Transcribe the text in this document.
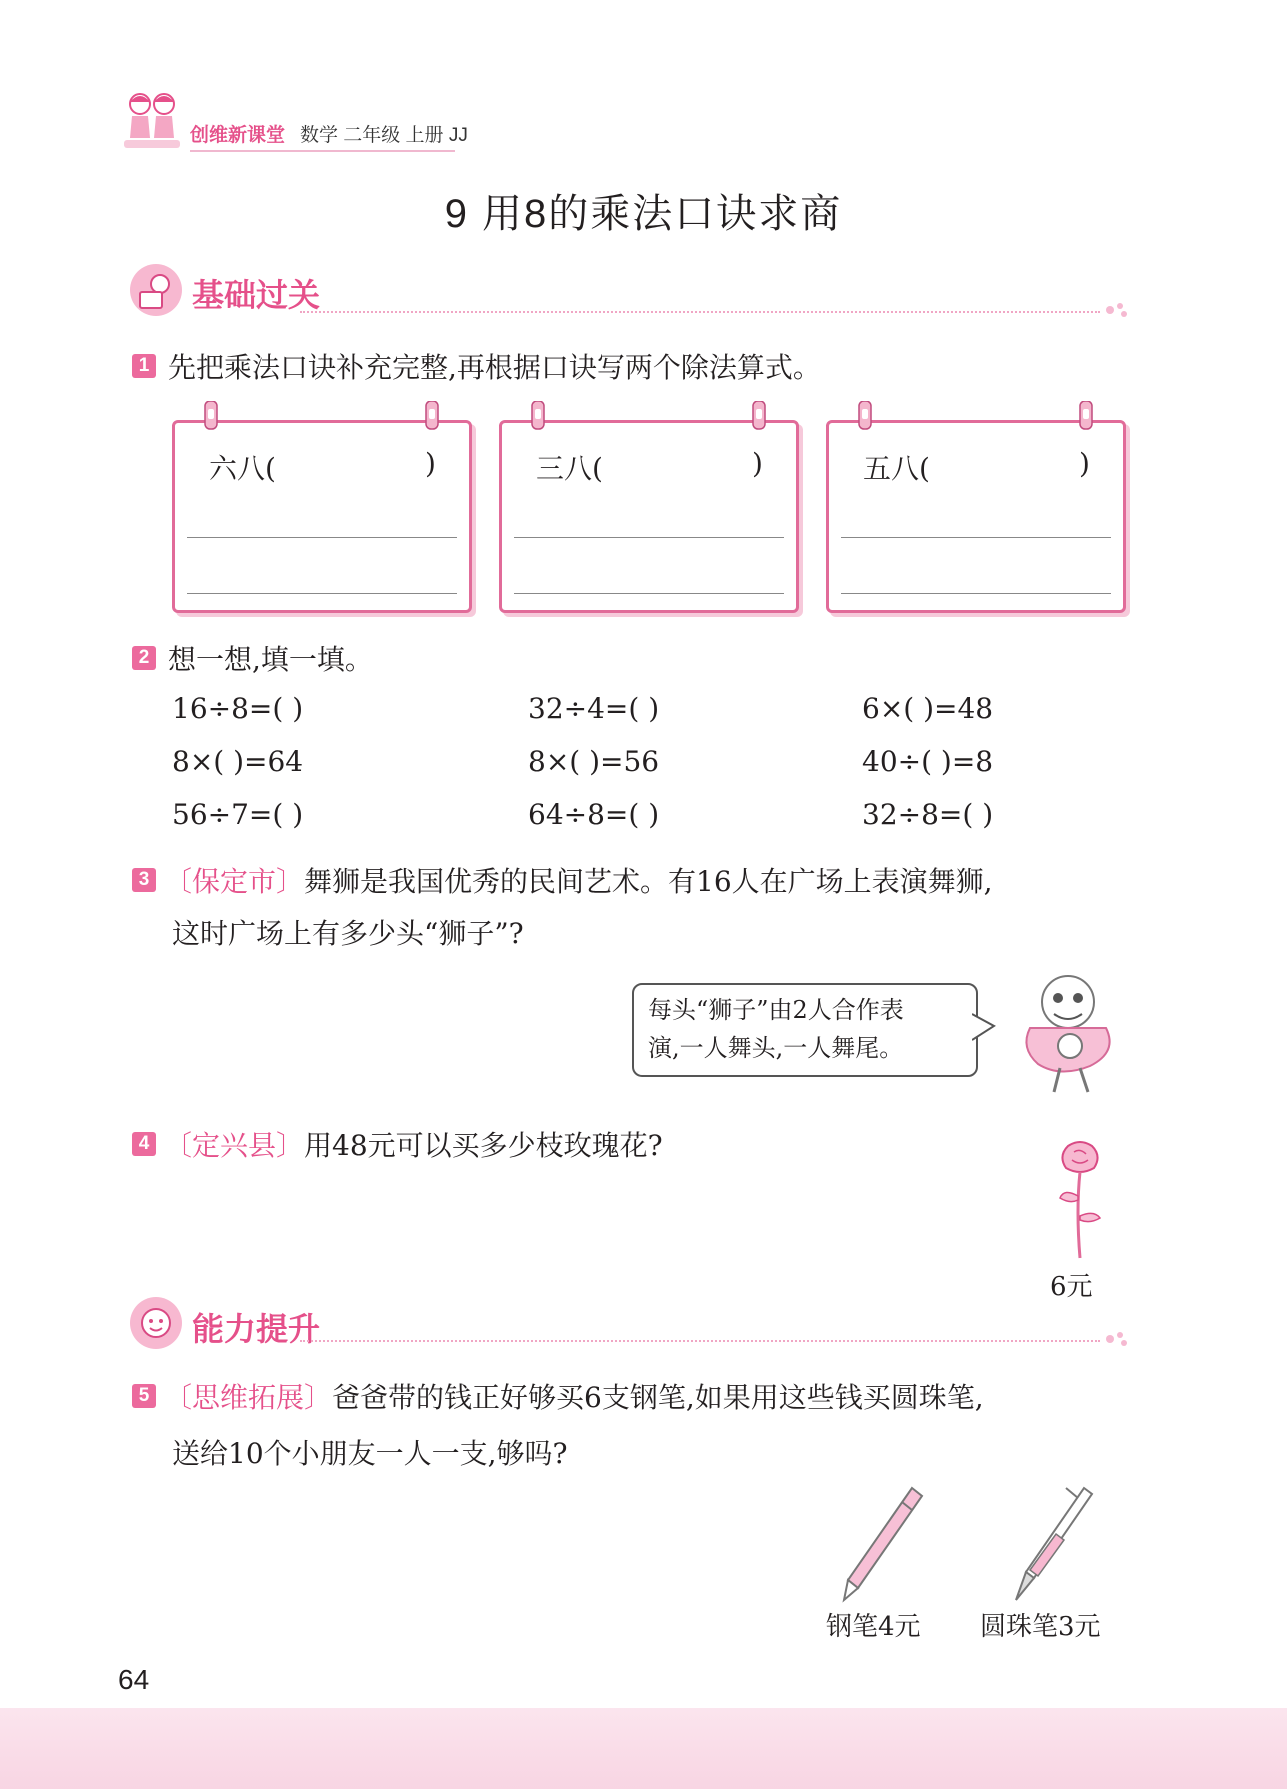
创维新课堂 数学 二年级 上册 JJ
9 用8的乘法口诀求商
基础过关
1 先把乘法口诀补充完整,再根据口诀写两个除法算式。
六八(	)	三八(	)	五八(	)
2 想一想,填一填。
16÷8=( )	32÷4=( )	6×( )=48
8×( )=64	8×( )=56	40÷( )=8
56÷7=( )	64÷8=( )	32÷8=( )
3 〔保定市〕舞狮是我国优秀的民间艺术。有16人在广场上表演舞狮,
这时广场上有多少头“狮子”?
每头“狮子”由2人合作表
演,一人舞头,一人舞尾。
4 〔定兴县〕用48元可以买多少枝玫瑰花?
6元
能力提升
5 〔思维拓展〕爸爸带的钱正好够买6支钢笔,如果用这些钱买圆珠笔,
送给10个小朋友一人一支,够吗?
钢笔4元 圆珠笔3元
64
